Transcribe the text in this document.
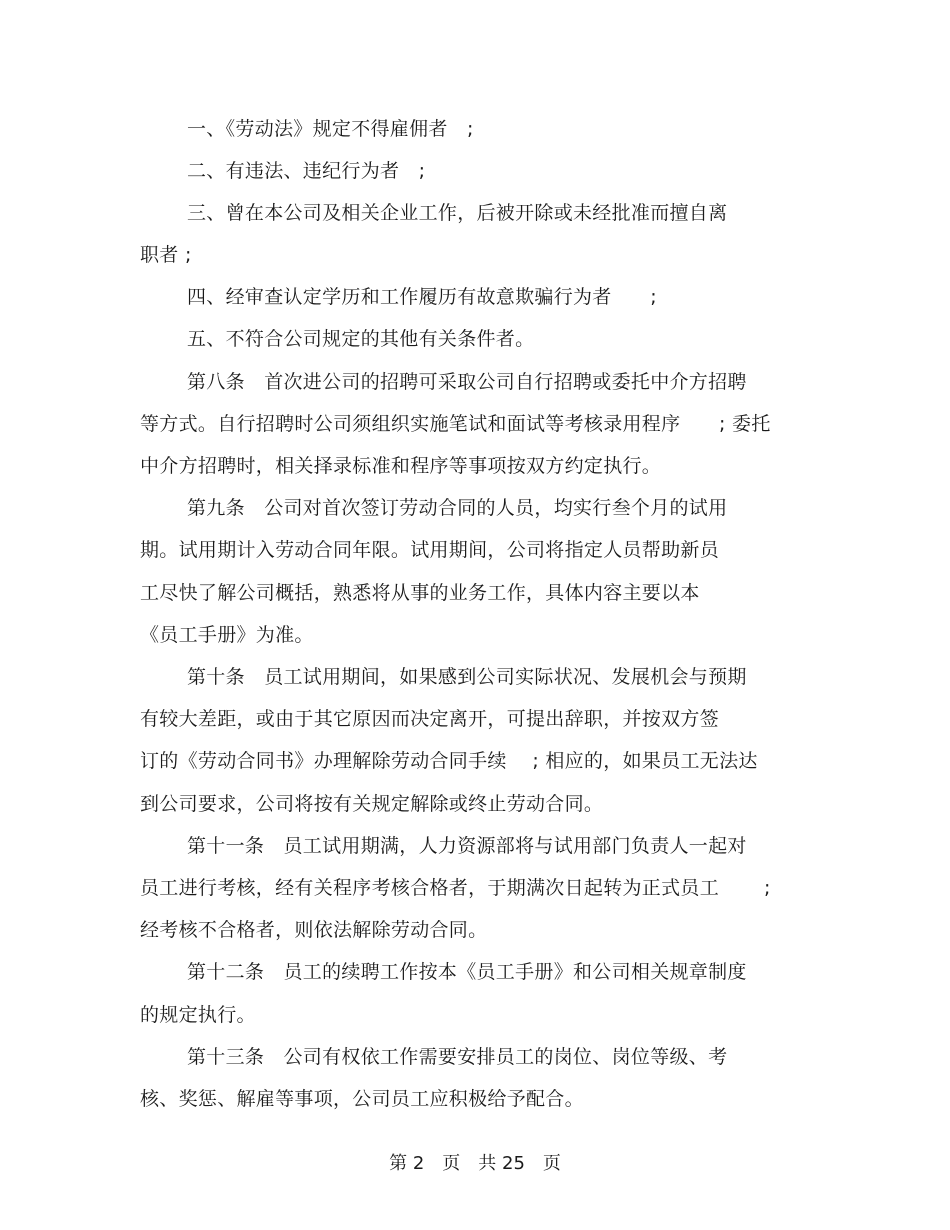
一、《劳动法》规定不得雇佣者　;
二、有违法、违纪行为者　;
三、曾在本公司及相关企业工作，后被开除或未经批准而擅自离
职者 ;
四、经审查认定学历和工作履历有故意欺骗行为者　　;
五、不符合公司规定的其他有关条件者。
第八条　首次进公司的招聘可采取公司自行招聘或委托中介方招聘
等方式。自行招聘时公司须组织实施笔试和面试等考核录用程序　　; 委托
中介方招聘时，相关择录标准和程序等事项按双方约定执行。
第九条　公司对首次签订劳动合同的人员，均实行叁个月的试用
期。试用期计入劳动合同年限。试用期间，公司将指定人员帮助新员
工尽快了解公司概括，熟悉将从事的业务工作，具体内容主要以本
《员工手册》为准。
第十条　员工试用期间，如果感到公司实际状况、发展机会与预期
有较大差距，或由于其它原因而决定离开，可提出辞职，并按双方签
订的《劳动合同书》办理解除劳动合同手续　 ; 相应的，如果员工无法达
到公司要求，公司将按有关规定解除或终止劳动合同。
第十一条　员工试用期满，人力资源部将与试用部门负责人一起对
员工进行考核，经有关程序考核合格者，于期满次日起转为正式员工　　 ;
经考核不合格者，则依法解除劳动合同。
第十二条　员工的续聘工作按本《员工手册》和公司相关规章制度
的规定执行。
第十三条　公司有权依工作需要安排员工的岗位、岗位等级、考
核、奖惩、解雇等事项，公司员工应积极给予配合。
第 2　页　共 25　页
